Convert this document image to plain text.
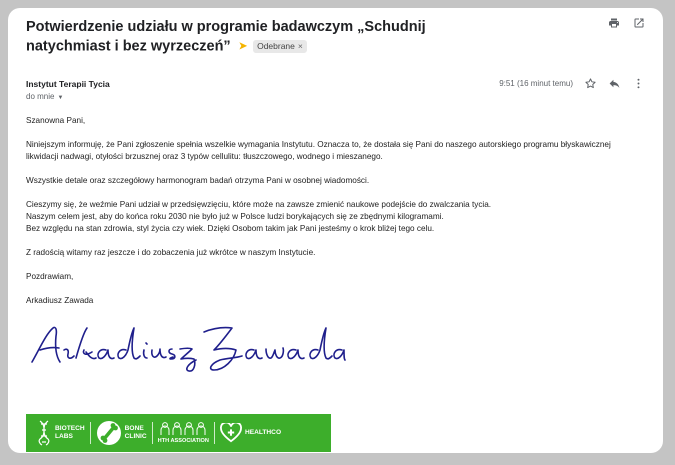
Potwierdzenie udziału w programie badawczym „Schudnij natychmiast i bez wyrzeczeń” ➤ Odebrane ×
Instytut Terapii Tycia
do mnie ▼
9:51 (16 minut temu)

Szanowna Pani,

Niniejszym informuję, że Pani zgłoszenie spełnia wszelkie wymagania Instytutu. Oznacza to, że dostała się Pani do naszego autorskiego programu błyskawicznej likwidacji nadwagi, otyłości brzusznej oraz 3 typów cellulitu: tłuszczowego, wodnego i mieszanego.

Wszystkie detale oraz szczegółowy harmonogram badań otrzyma Pani w osobnej wiadomości.

Cieszymy się, że weźmie Pani udział w przedsięwzięciu, które może na zawsze zmienić naukowe podejście do zwalczania tycia.
Naszym celem jest, aby do końca roku 2030 nie było już w Polsce ludzi borykających się ze zbędnymi kilogramami.
Bez względu na stan zdrowia, styl życia czy wiek. Dzięki Osobom takim jak Pani jesteśmy o krok bliżej tego celu.

Z radością witamy raz jeszcze i do zobaczenia już wkrótce w naszym Instytucie.

Pozdrawiam,

Arkadiusz Zawada

BIOTECH
LABS
BONE
CLINIC
HTH ASSOCIATION
HEALTHCO
